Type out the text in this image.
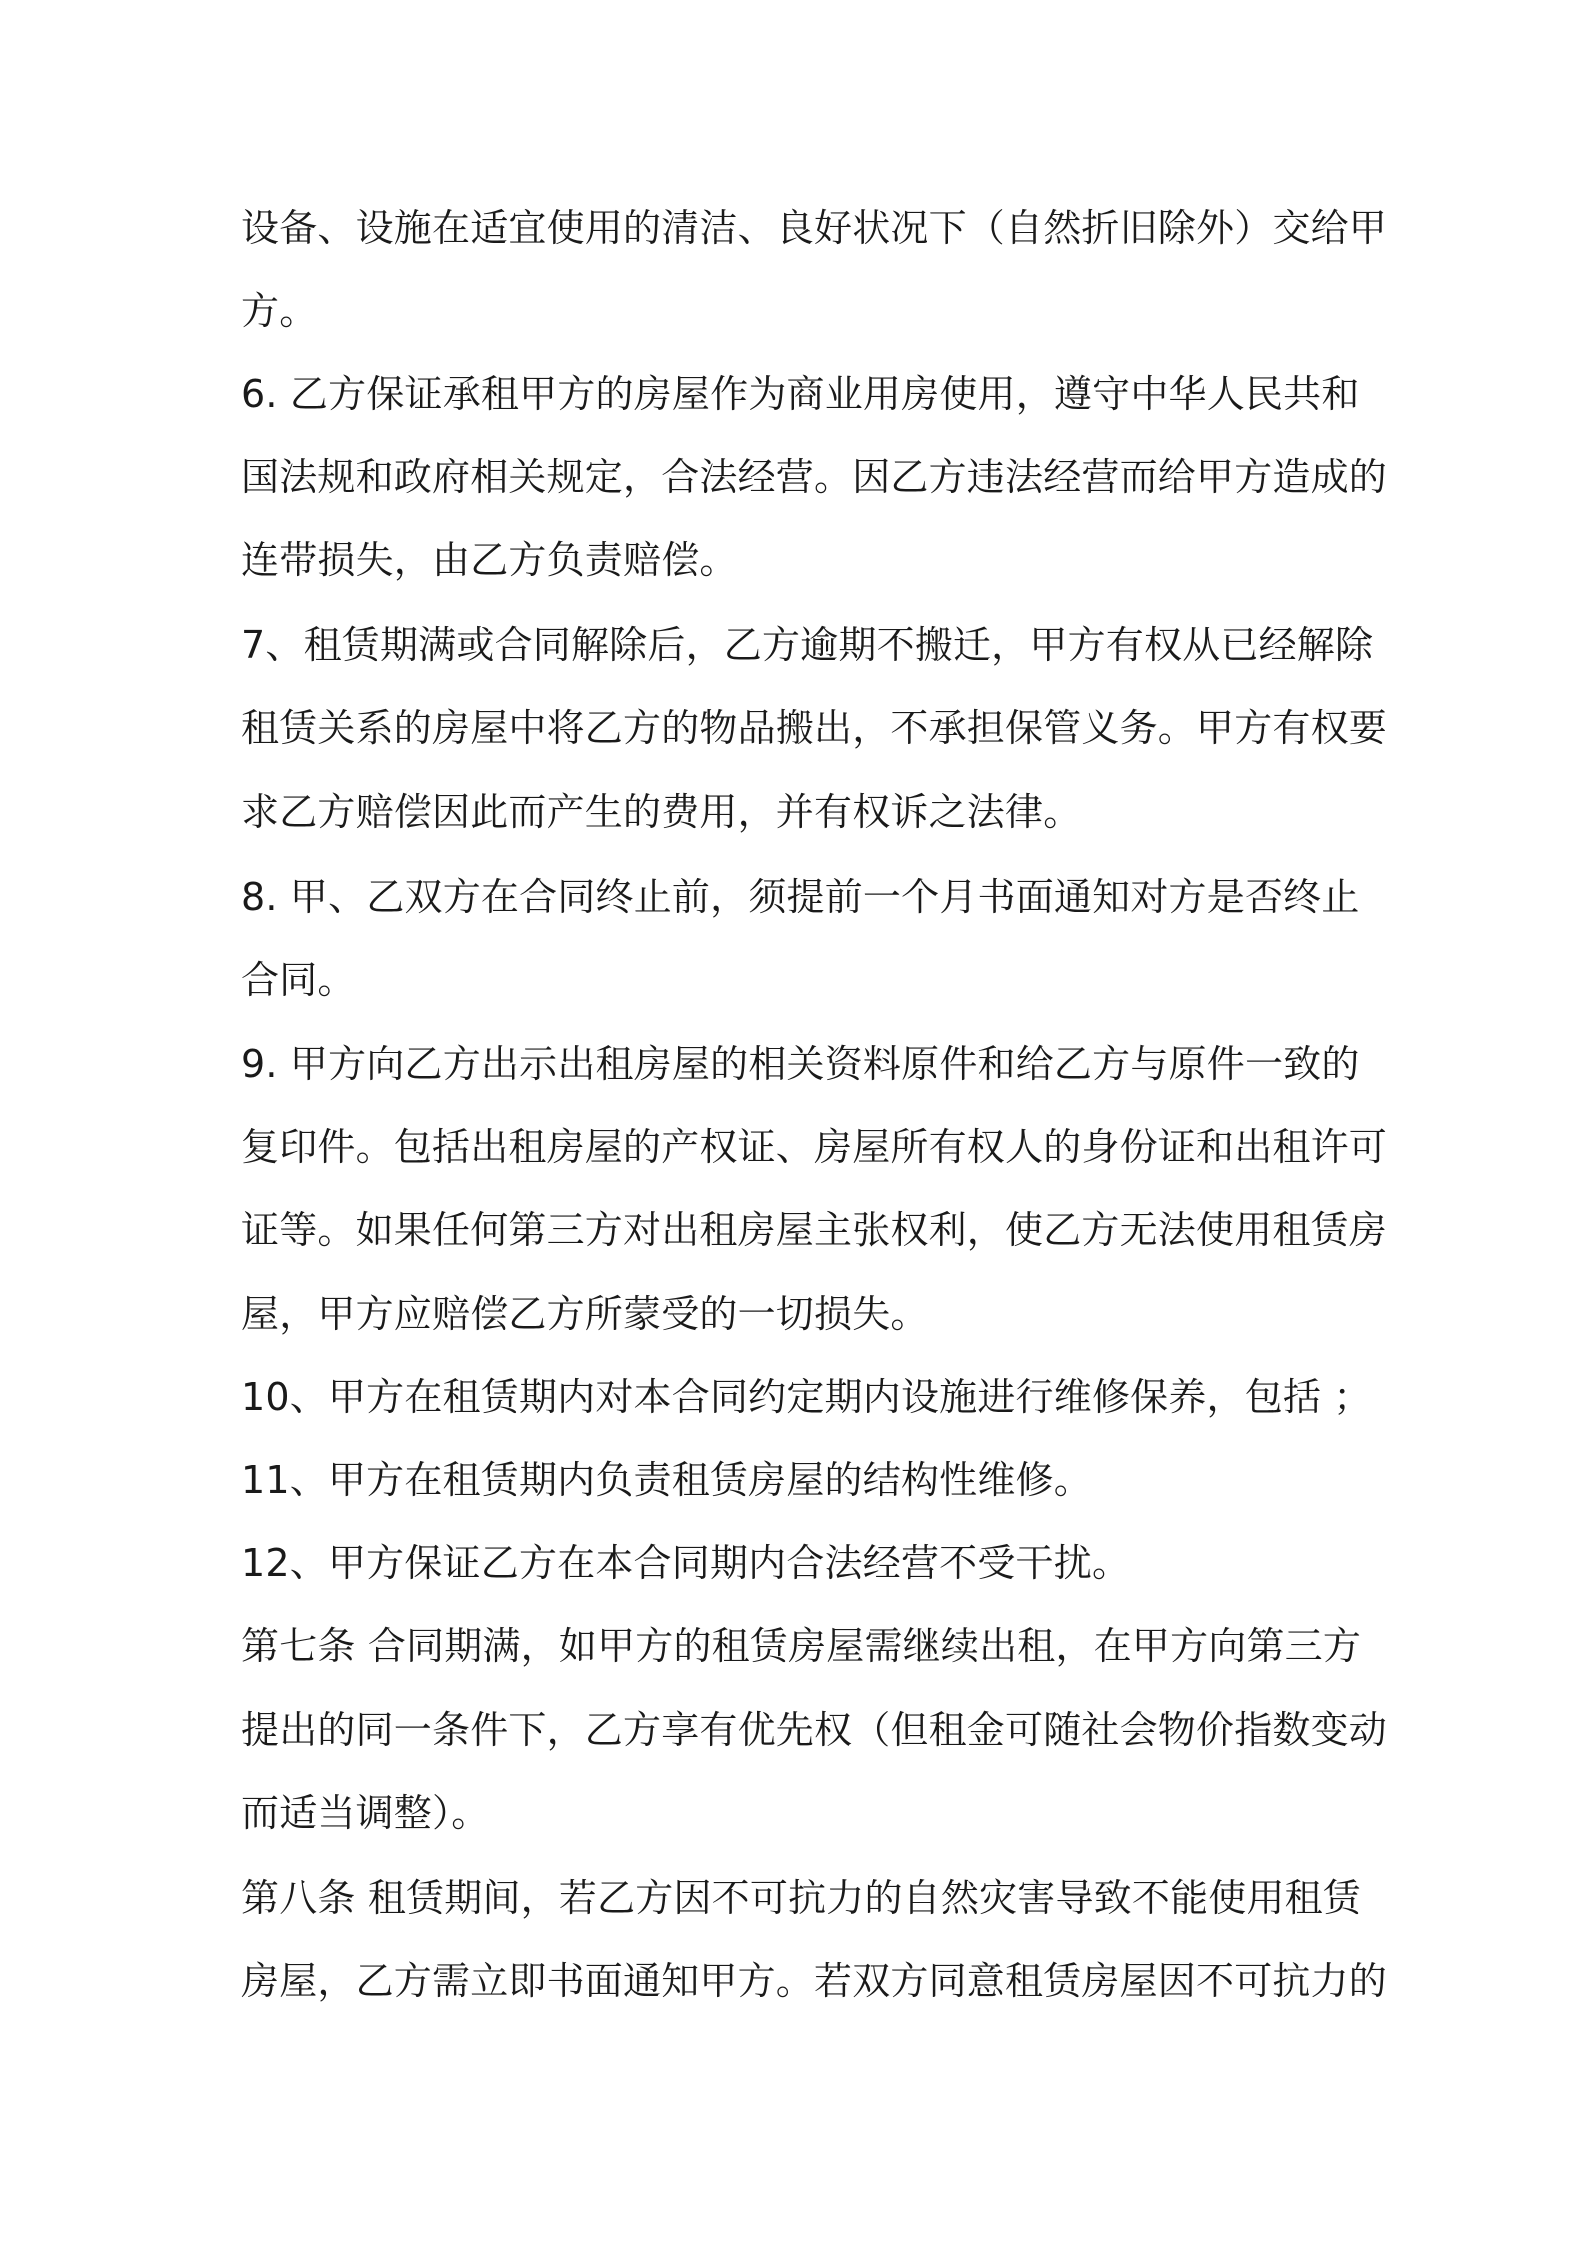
设备、设施在适宜使用的清洁、良好状况下（自然折旧除外）交给甲
方。
6. 乙方保证承租甲方的房屋作为商业用房使用，遵守中华人民共和
国法规和政府相关规定，合法经营。因乙方违法经营而给甲方造成的
连带损失，由乙方负责赔偿。
7、租赁期满或合同解除后，乙方逾期不搬迁，甲方有权从已经解除
租赁关系的房屋中将乙方的物品搬出，不承担保管义务。甲方有权要
求乙方赔偿因此而产生的费用，并有权诉之法律。
8. 甲、乙双方在合同终止前，须提前一个月书面通知对方是否终止
合同。
9. 甲方向乙方出示出租房屋的相关资料原件和给乙方与原件一致的
复印件。包括出租房屋的产权证、房屋所有权人的身份证和出租许可
证等。如果任何第三方对出租房屋主张权利，使乙方无法使用租赁房
屋，甲方应赔偿乙方所蒙受的一切损失。
10、甲方在租赁期内对本合同约定期内设施进行维修保养，包括 ；
11、甲方在租赁期内负责租赁房屋的结构性维修。
12、甲方保证乙方在本合同期内合法经营不受干扰。
第七条 合同期满，如甲方的租赁房屋需继续出租，在甲方向第三方
提出的同一条件下，乙方享有优先权（但租金可随社会物价指数变动
而适当调整）。
第八条 租赁期间，若乙方因不可抗力的自然灾害导致不能使用租赁
房屋，乙方需立即书面通知甲方。若双方同意租赁房屋因不可抗力的
